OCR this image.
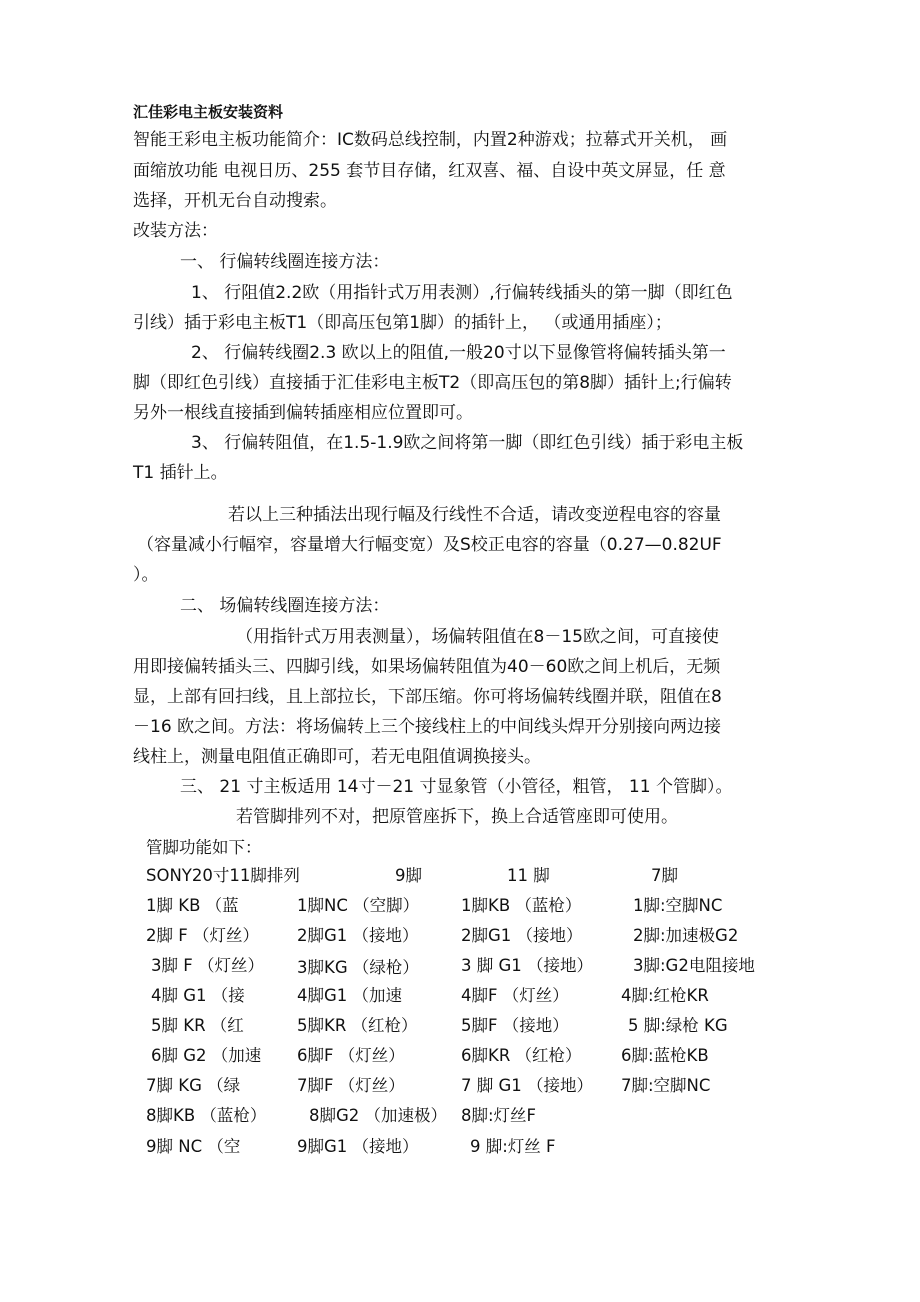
汇佳彩电主板安装资料
智能王彩电主板功能简介：IC数码总线控制，内置2种游戏；拉幕式开关机， 画
面缩放功能 电视日历、255 套节目存储，红双喜、福、自设中英文屏显，任 意
选择，开机无台自动搜索。
改装方法：
一、 行偏转线圈连接方法：
1、 行阻值2.2欧（用指针式万用表测）,行偏转线插头的第一脚（即红色
引线）插于彩电主板T1（即高压包第1脚）的插针上， （或通用插座）；
2、 行偏转线圈2.3 欧以上的阻值,一般20寸以下显像管将偏转插头第一
脚（即红色引线）直接插于汇佳彩电主板T2（即高压包的第8脚）插针上;行偏转
另外一根线直接插到偏转插座相应位置即可。
3、 行偏转阻值，在1.5-1.9欧之间将第一脚（即红色引线）插于彩电主板
T1 插针上。
若以上三种插法出现行幅及行线性不合适，请改变逆程电容的容量
（容量减小行幅窄，容量增大行幅变宽）及S校正电容的容量（0.27—0.82UF
）。
二、 场偏转线圈连接方法：
（用指针式万用表测量），场偏转阻值在8－15欧之间，可直接使
用即接偏转插头三、四脚引线，如果场偏转阻值为40－60欧之间上机后，无频
显，上部有回扫线，且上部拉长，下部压缩。你可将场偏转线圈并联，阻值在8
－16 欧之间。方法：将场偏转上三个接线柱上的中间线头焊开分别接向两边接
线柱上，测量电阻值正确即可，若无电阻值调换接头。
三、 21 寸主板适用 14寸－21 寸显象管（小管径，粗管， 11 个管脚）。
若管脚排列不对，把原管座拆下，换上合适管座即可使用。
管脚功能如下：
SONY20寸11脚排列	9脚	11 脚	7脚
1脚 KB （蓝	1脚NC （空脚）	1脚KB （蓝枪）	1脚:空脚NC
2脚 F （灯丝） 2脚G1 （接地）	2脚G1 （接地）	2脚:加速极G2
3脚 F （灯丝） 3脚KG （绿枪）	3 脚 G1 （接地） 3脚:G2电阻接地
4脚 G1 （接	4脚G1 （加速	4脚F （灯丝）	4脚:红枪KR
5脚 KR （红	5脚KR （红枪）	5脚F （接地）	5 脚:绿枪 KG
6脚 G2 （加速 6脚F （灯丝）	6脚KR （红枪） 6脚:蓝枪KB
7脚 KG （绿	7脚F （灯丝）	7 脚 G1 （接地） 7脚:空脚NC
8脚KB （蓝枪）	8脚G2 （加速极） 8脚:灯丝F
9脚 NC （空	9脚G1 （接地）	9 脚:灯丝 F
